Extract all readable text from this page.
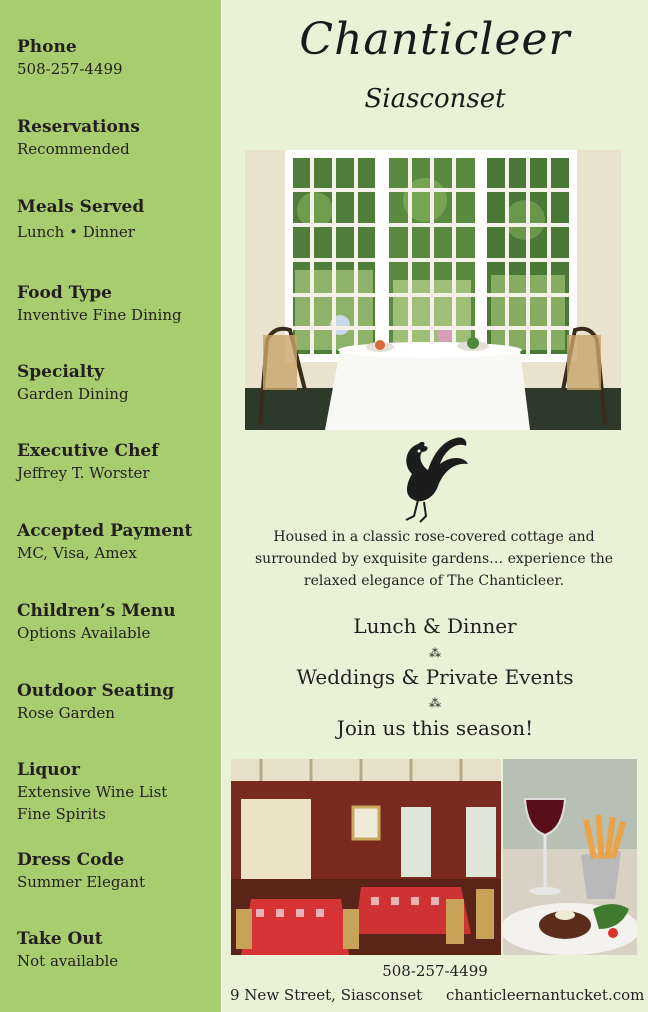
Phone
508-257-4499
Reservations
Recommended
Meals Served
Lunch • Dinner
Food Type
Inventive Fine Dining
Specialty
Garden Dining
Executive Chef
Jeffrey T. Worster
Accepted Payment
MC, Visa, Amex
Children’s Menu
Options Available
Outdoor Seating
Rose Garden
Liquor
Extensive Wine List
Fine Spirits
Dress Code
Summer Elegant
Take Out
Not available
Chanticleer
Siasconset
Housed in a classic rose-covered cottage and surrounded by exquisite gardens… experience the relaxed elegance of The Chanticleer.
Lunch & Dinner
⁂
Weddings & Private Events
⁂
Join us this season!
508-257-4499
9 New Street, Siasconset chanticleernantucket.com
